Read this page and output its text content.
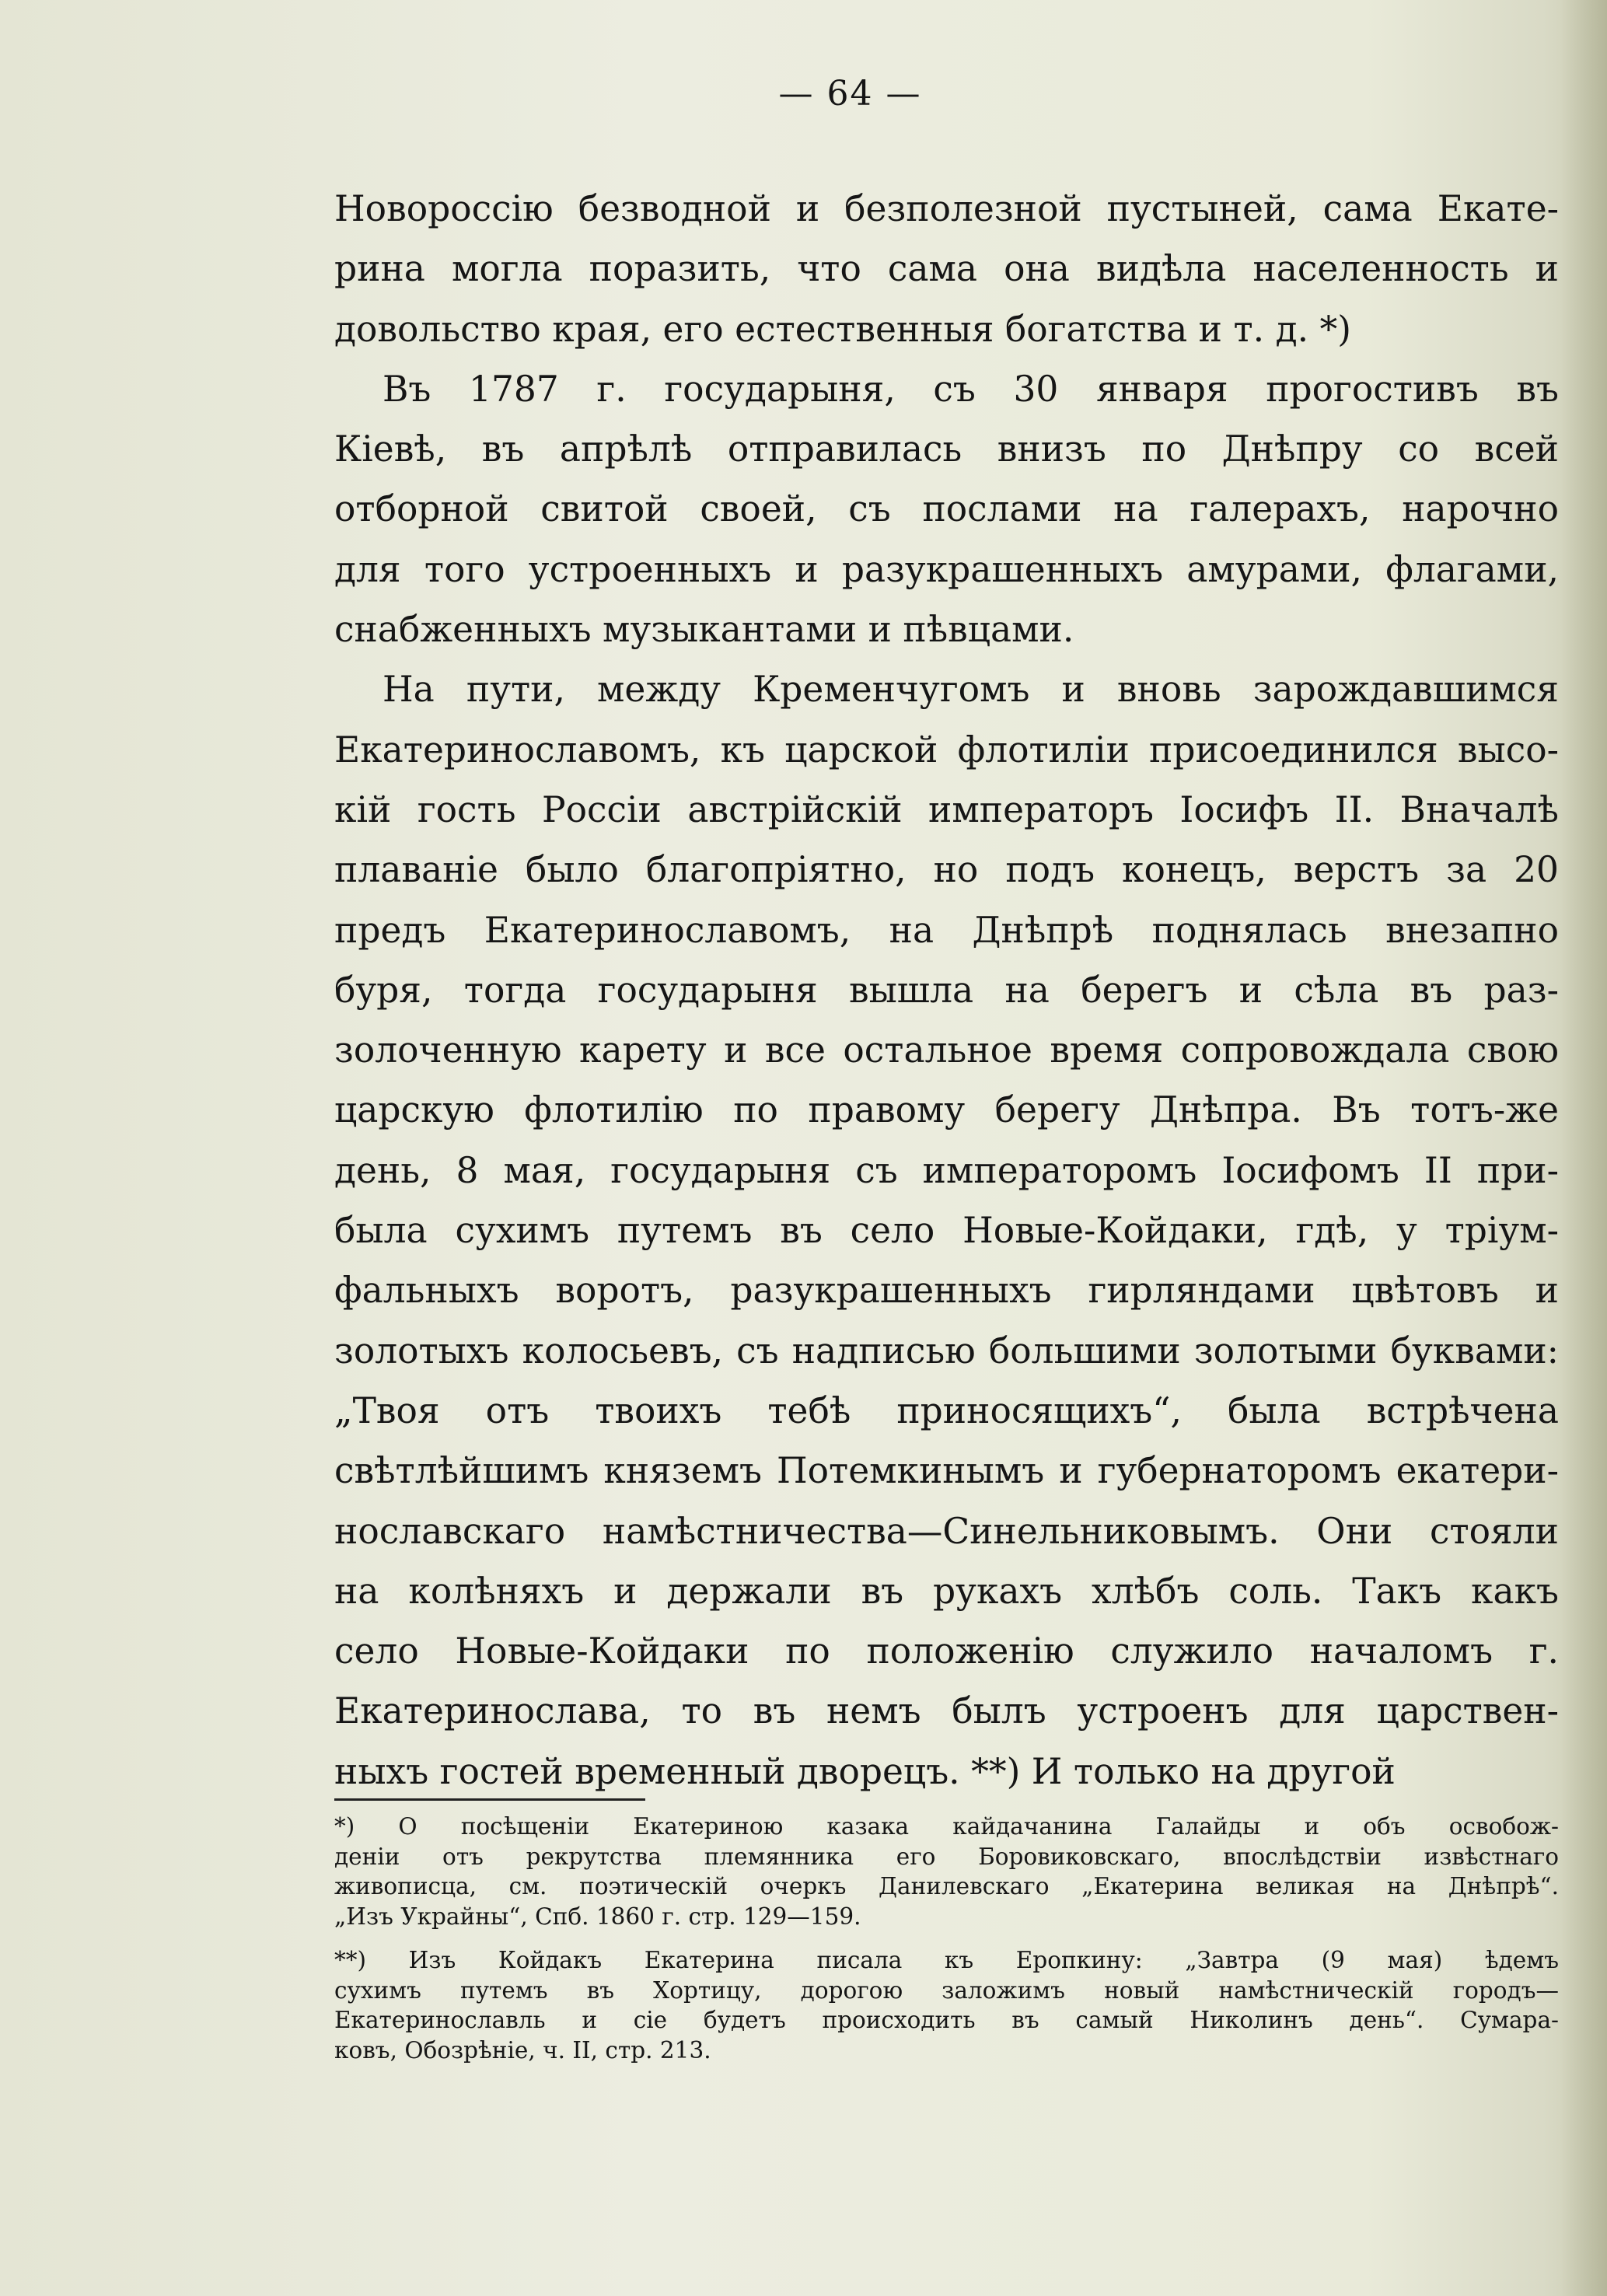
— 64 —
Новороссію безводной и безполезной пустыней, сама Екате-
рина могла поразить, что сама она видѣла населенность и
довольство края, его естественныя богатства и т. д. *)
Въ 1787 г. государыня, съ 30 января прогостивъ въ
Кіевѣ, въ апрѣлѣ отправилась внизъ по Днѣпру со всей
отборной свитой своей, съ послами на галерахъ, нарочно
для того устроенныхъ и разукрашенныхъ амурами, флагами,
снабженныхъ музыкантами и пѣвцами.
На пути, между Кременчугомъ и вновь зарождавшимся
Екатеринославомъ, къ царской флотиліи присоединился высо-
кій гость Россіи австрійскій императоръ Іосифъ II. Вначалѣ
плаваніе было благопріятно, но подъ конецъ, верстъ за 20
предъ Екатеринославомъ, на Днѣпрѣ поднялась внезапно
буря, тогда государыня вышла на берегъ и сѣла въ раз-
золоченную карету и все остальное время сопровождала свою
царскую флотилію по правому берегу Днѣпра. Въ тотъ-же
день, 8 мая, государыня съ императоромъ Іосифомъ II при-
была сухимъ путемъ въ село Новые-Койдаки, гдѣ, у тріум-
фальныхъ воротъ, разукрашенныхъ гирляндами цвѣтовъ и
золотыхъ колосьевъ, съ надписью большими золотыми буквами:
„Твоя отъ твоихъ тебѣ приносящихъ“, была встрѣчена
свѣтлѣйшимъ княземъ Потемкинымъ и губернаторомъ екатери-
нославскаго намѣстничества—Синельниковымъ. Они стояли
на колѣняхъ и держали въ рукахъ хлѣбъ соль. Такъ какъ
село Новые-Койдаки по положенію служило началомъ г.
Екатеринослава, то въ немъ былъ устроенъ для царствен-
ныхъ гостей временный дворецъ. **) И только на другой
*) О посѣщеніи Екатериною казака кайдачанина Галайды и объ освобож-
деніи отъ рекрутства племянника его Боровиковскаго, впослѣдствіи извѣстнаго
живописца, см. поэтическій очеркъ Данилевскаго „Екатерина великая на Днѣпрѣ“.
„Изъ Украйны“, Спб. 1860 г. стр. 129—159.
**) Изъ Койдакъ Екатерина писала къ Еропкину: „Завтра (9 мая) ѣдемъ
сухимъ путемъ въ Хортицу, дорогою заложимъ новый намѣстническій городъ—
Екатеринославль и сіе будетъ происходить въ самый Николинъ день“. Сумара-
ковъ, Обозрѣніе, ч. II, стр. 213.
